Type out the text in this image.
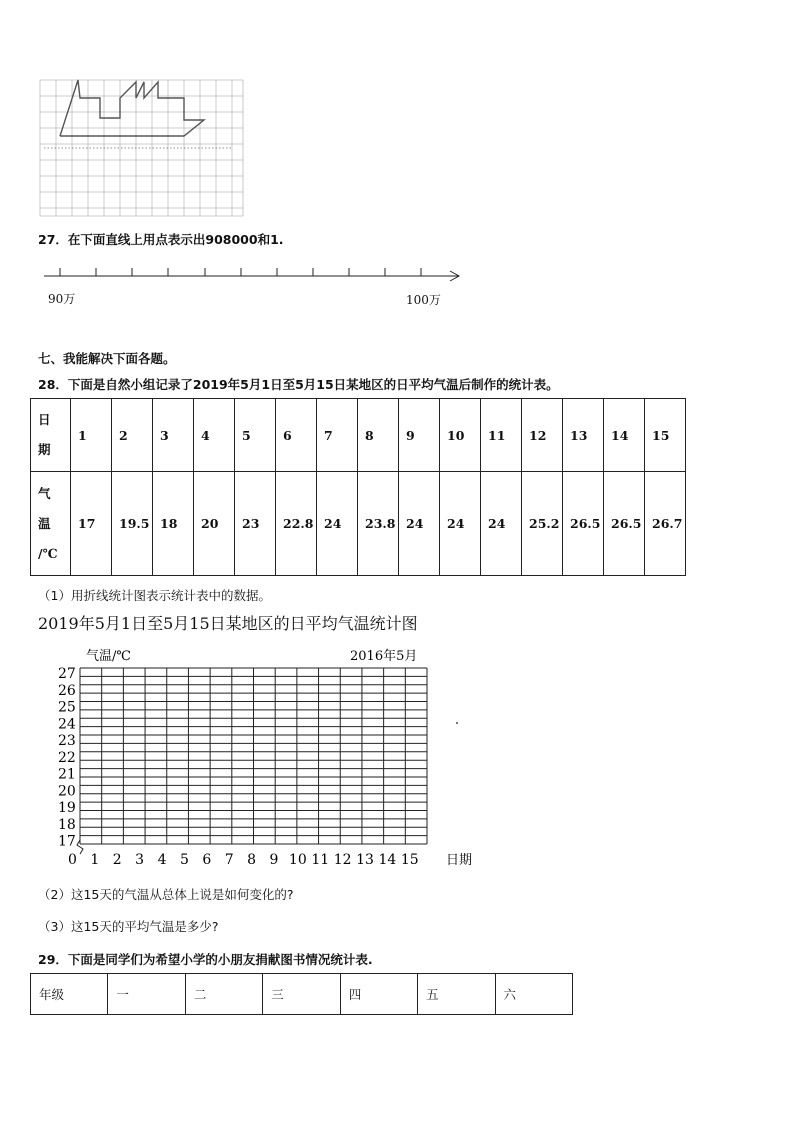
27．在下面直线上用点表示出908000和1.
90万	100万
七、我能解决下面各题。
28．下面是自然小组记录了2019年5月1日至5月15日某地区的日平均气温后制作的统计表。
日
期	1	2	3	4	5	6	7	8	9	10	11	12	13	14	15

气
温
/℃	17	19.5	18	20	23	22.8	24	23.8	24	24	24	25.2	26.5	26.5	26.7
（1）用折线统计图表示统计表中的数据。
2019年5月1日至5月15日某地区的日平均气温统计图
气温/℃	2016年5月
日期
17
18
19
20
21
22
23
24
25
26
27
0 1 2 3 4 5 6 7 8 9 10 11 12 13 14 15
（2）这15天的气温从总体上说是如何变化的?
（3）这15天的平均气温是多少?
29．下面是同学们为希望小学的小朋友捐献图书情况统计表.
年级	一	二	三	四	五	六
